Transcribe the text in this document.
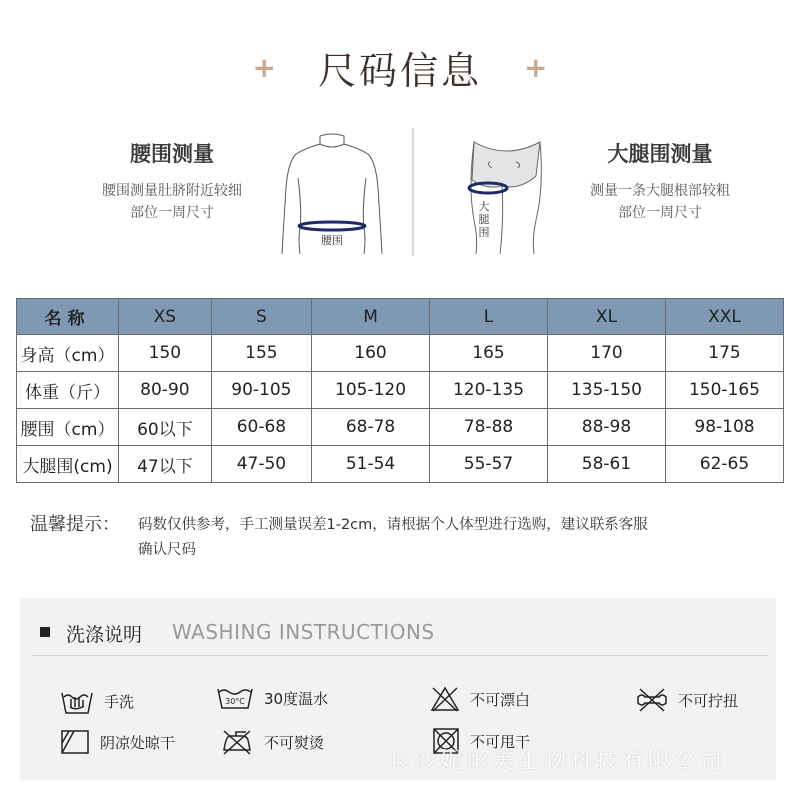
+ 尺码信息 +
腰围测量
腰围测量肚脐附近较细
部位一周尺寸
腰围
大
腿
围
大腿围测量
测量一条大腿根部较粗
部位一周尺寸
名称	XS	S	M	L	XL	XXL
身高（cm）	150	155	160	165	170	175
体重（斤）	80-90	90-105	105-120	120-135	135-150	150-165
腰围（cm）	60以下	60-68	68-78	78-88	88-98	98-108
大腿围(cm)	47以下	47-50	51-54	55-57	58-61	62-65
温馨提示： 码数仅供参考，手工测量误差1-2cm，请根据个人体型进行选购，建议联系客服
确认尺码
洗涤说明 WASHING INSTRUCTIONS
手洗	30°C 30度温水	不可漂白	不可拧扭
阴凉处晾干	不可熨烫	不可甩干
长沙妮彤美生物科技有限公司
